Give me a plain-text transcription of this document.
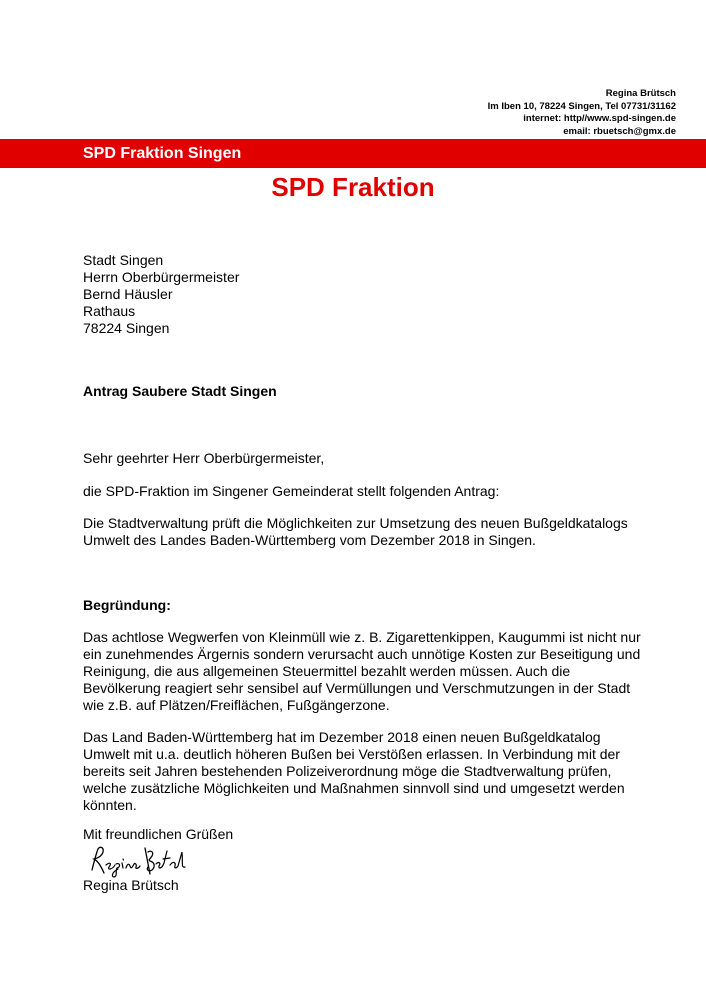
Regina Brütsch
Im Iben 10, 78224 Singen, Tel 07731/31162
internet: http//www.spd-singen.de
email: rbuetsch@gmx.de
SPD Fraktion Singen
SPD Fraktion
Stadt Singen
Herrn Oberbürgermeister
Bernd Häusler
Rathaus
78224 Singen
Antrag Saubere Stadt Singen
Sehr geehrter Herr Oberbürgermeister,
die SPD-Fraktion im Singener Gemeinderat stellt folgenden Antrag:
Die Stadtverwaltung prüft die Möglichkeiten zur Umsetzung des neuen Bußgeldkatalogs Umwelt des Landes Baden-Württemberg vom Dezember 2018 in Singen.
Begründung:
Das achtlose Wegwerfen von Kleinmüll wie z. B. Zigarettenkippen, Kaugummi ist nicht nur ein zunehmendes Ärgernis sondern verursacht auch unnötige Kosten zur Beseitigung und Reinigung, die aus allgemeinen Steuermittel bezahlt werden müssen. Auch die Bevölkerung reagiert sehr sensibel auf Vermüllungen und Verschmutzungen in der Stadt wie z.B. auf Plätzen/Freiflächen, Fußgängerzone.
Das Land Baden-Württemberg hat im Dezember 2018 einen neuen Bußgeldkatalog Umwelt mit u.a. deutlich höheren Bußen bei Verstößen erlassen. In Verbindung mit der bereits seit Jahren bestehenden Polizeiverordnung möge die Stadtverwaltung prüfen, welche zusätzliche Möglichkeiten und Maßnahmen sinnvoll sind und umgesetzt werden könnten.
Mit freundlichen Grüßen
Regina Brütsch
